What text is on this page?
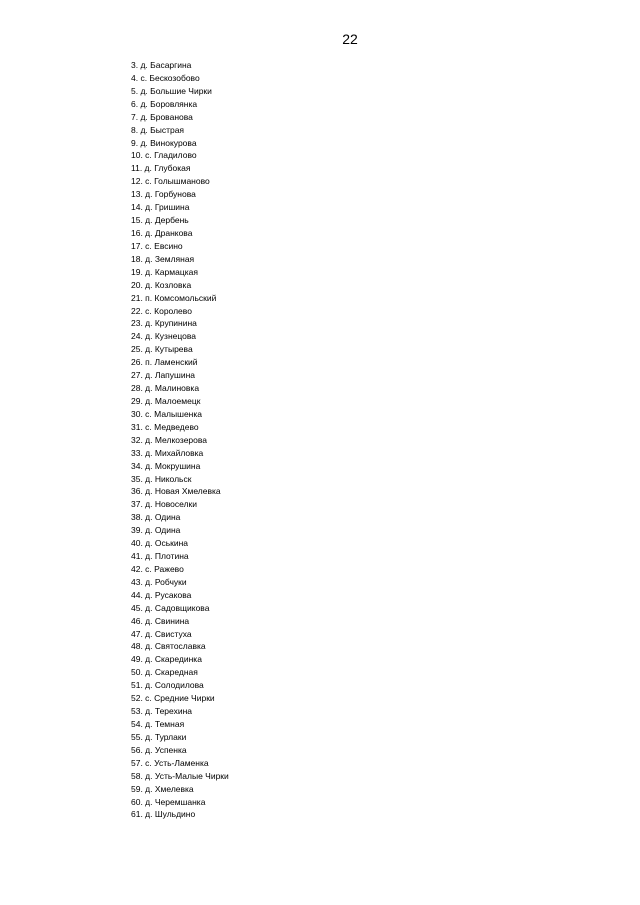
22
3. д. Басаргина
4. с. Бескозобово
5. д. Большие Чирки
6. д. Боровлянка
7. д. Брованова
8. д. Быстрая
9. д. Винокурова
10. с. Гладилово
11. д. Глубокая
12. с. Голышманово
13. д. Горбунова
14. д. Гришина
15. д. Дербень
16. д. Дранкова
17. с. Евсино
18. д. Земляная
19. д. Кармацкая
20. д. Козловка
21. п. Комсомольский
22. с. Королево
23. д. Крупинина
24. д. Кузнецова
25. д. Кутырева
26. п. Ламенский
27. д. Лапушина
28. д. Малиновка
29. д. Малоемецк
30. с. Малышенка
31. с. Медведево
32. д. Мелкозерова
33. д. Михайловка
34. д. Мокрушина
35. д. Никольск
36. д. Новая Хмелевка
37. д. Новоселки
38. д. Одина
39. д. Одина
40. д. Оськина
41. д. Плотина
42. с. Ражево
43. д. Робчуки
44. д. Русакова
45. д. Садовщикова
46. д. Свинина
47. д. Свистуха
48. д. Святославка
49. д. Скарединка
50. д. Скаредная
51. д. Солодилова
52. с. Средние Чирки
53. д. Терехина
54. д. Темная
55. д. Турлаки
56. д. Успенка
57. с. Усть-Ламенка
58. д. Усть-Малые Чирки
59. д. Хмелевка
60. д. Черемшанка
61. д. Шульдино
